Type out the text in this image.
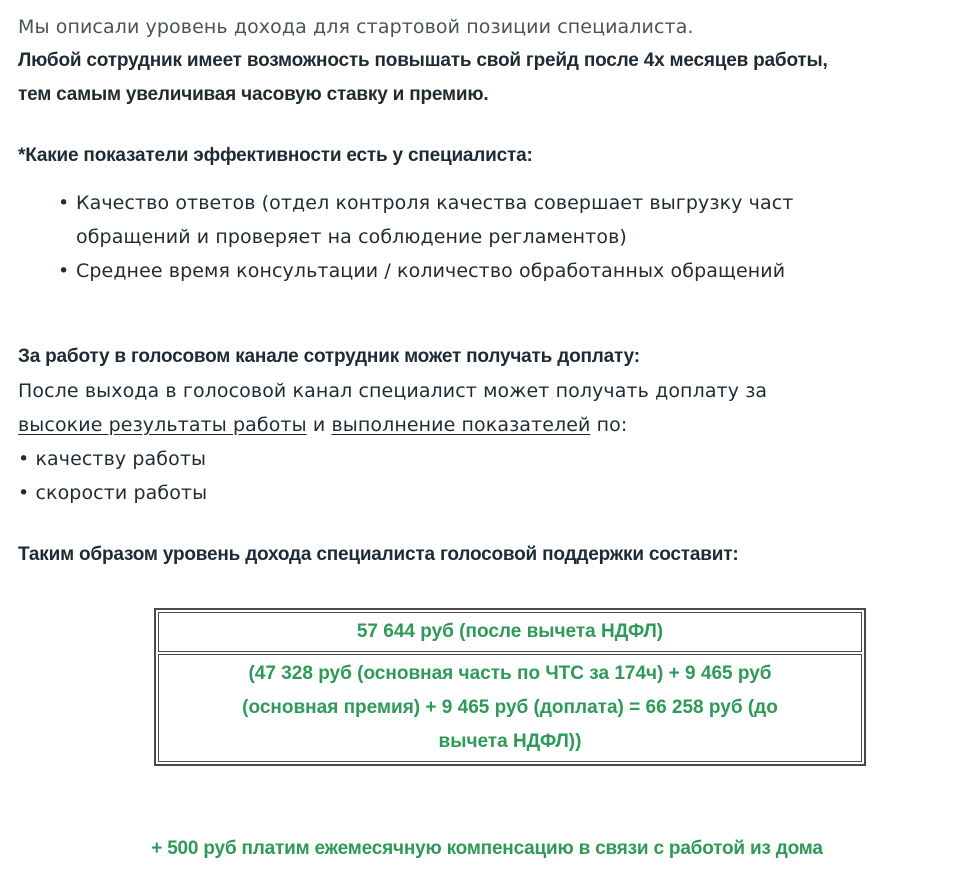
Мы описали уровень дохода для стартовой позиции специалиста.
Любой сотрудник имеет возможность повышать свой грейд после 4х месяцев работы,
тем самым увеличивая часовую ставку и премию.
*Какие показатели эффективности есть у специалиста:
• Качество ответов (отдел контроля качества совершает выгрузку част
обращений и проверяет на соблюдение регламентов)
• Среднее время консультации / количество обработанных обращений
За работу в голосовом канале сотрудник может получать доплату:
После выхода в голосовой канал специалист может получать доплату за
высокие результаты работы и выполнение показателей по:
• качеству работы
• скорости работы
Таким образом уровень дохода специалиста голосовой поддержки составит:
57 644 руб (после вычета НДФЛ)

(47 328 руб (основная часть по ЧТС за 174ч) + 9 465 руб
(основная премия) + 9 465 руб (доплата) = 66 258 руб (до
вычета НДФЛ))
+ 500 руб платим ежемесячную компенсацию в связи с работой из дома
